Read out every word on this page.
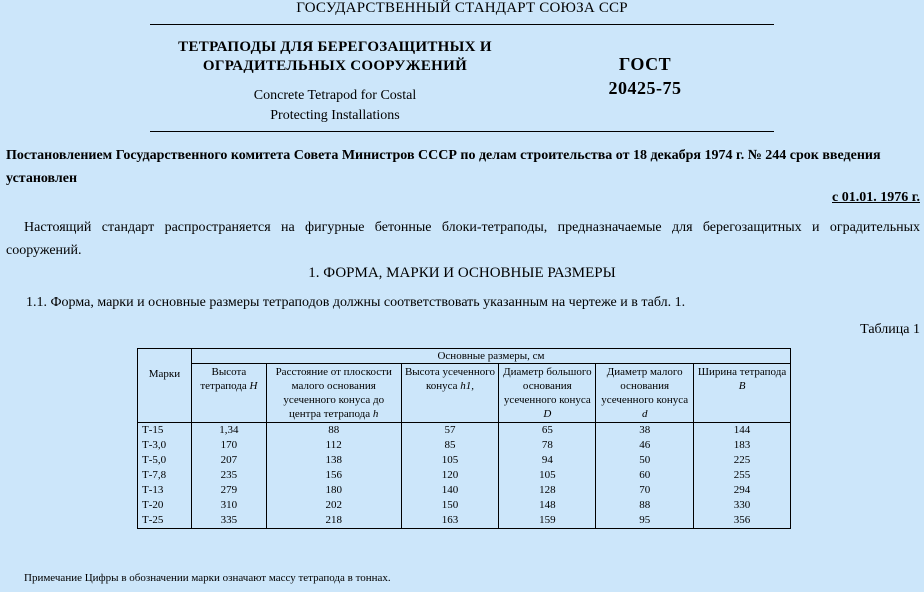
ГОСУДАРСТВЕННЫЙ СТАНДАРТ СОЮЗА ССР
ТЕТРАПОДЫ ДЛЯ БЕРЕГОЗАЩИТНЫХ И
ОГРАДИТЕЛЬНЫХ СООРУЖЕНИЙ
Concrete Tetrapod for Costal
Protecting Installations
ГОСТ
20425-75
Постановлением Государственного комитета Совета Министров СССР по делам строительства от 18 декабря 1974 г. № 244 срок введения установлен
с 01.01. 1976 г.
Настоящий стандарт распространяется на фигурные бетонные блоки-тетраподы, предназначаемые для берегозащитных и оградительных сооружений.
1. ФОРМА, МАРКИ И ОСНОВНЫЕ РАЗМЕРЫ
1.1. Форма, марки и основные размеры тетраподов должны соответствовать указанным на чертеже и в табл. 1.
Таблица 1
Марки	Основные размеры, см					
	Высота тетрапода H	Расстояние от плоскости малого основания усеченного конуса до центра тетрапода h	Высота усеченного конуса h1,	Диаметр большого основания усеченного конуса D	Диаметр малого основания усеченного конуса d	Ширина тетрапода B
Т-15	1,34	88	57	65	38	144
Т-3,0	170	112	85	78	46	183
Т-5,0	207	138	105	94	50	225
Т-7,8	235	156	120	105	60	255
Т-13	279	180	140	128	70	294
Т-20	310	202	150	148	88	330
Т-25	335	218	163	159	95	356
Примечание Цифры в обозначении марки означают массу тетрапода в тоннах.
